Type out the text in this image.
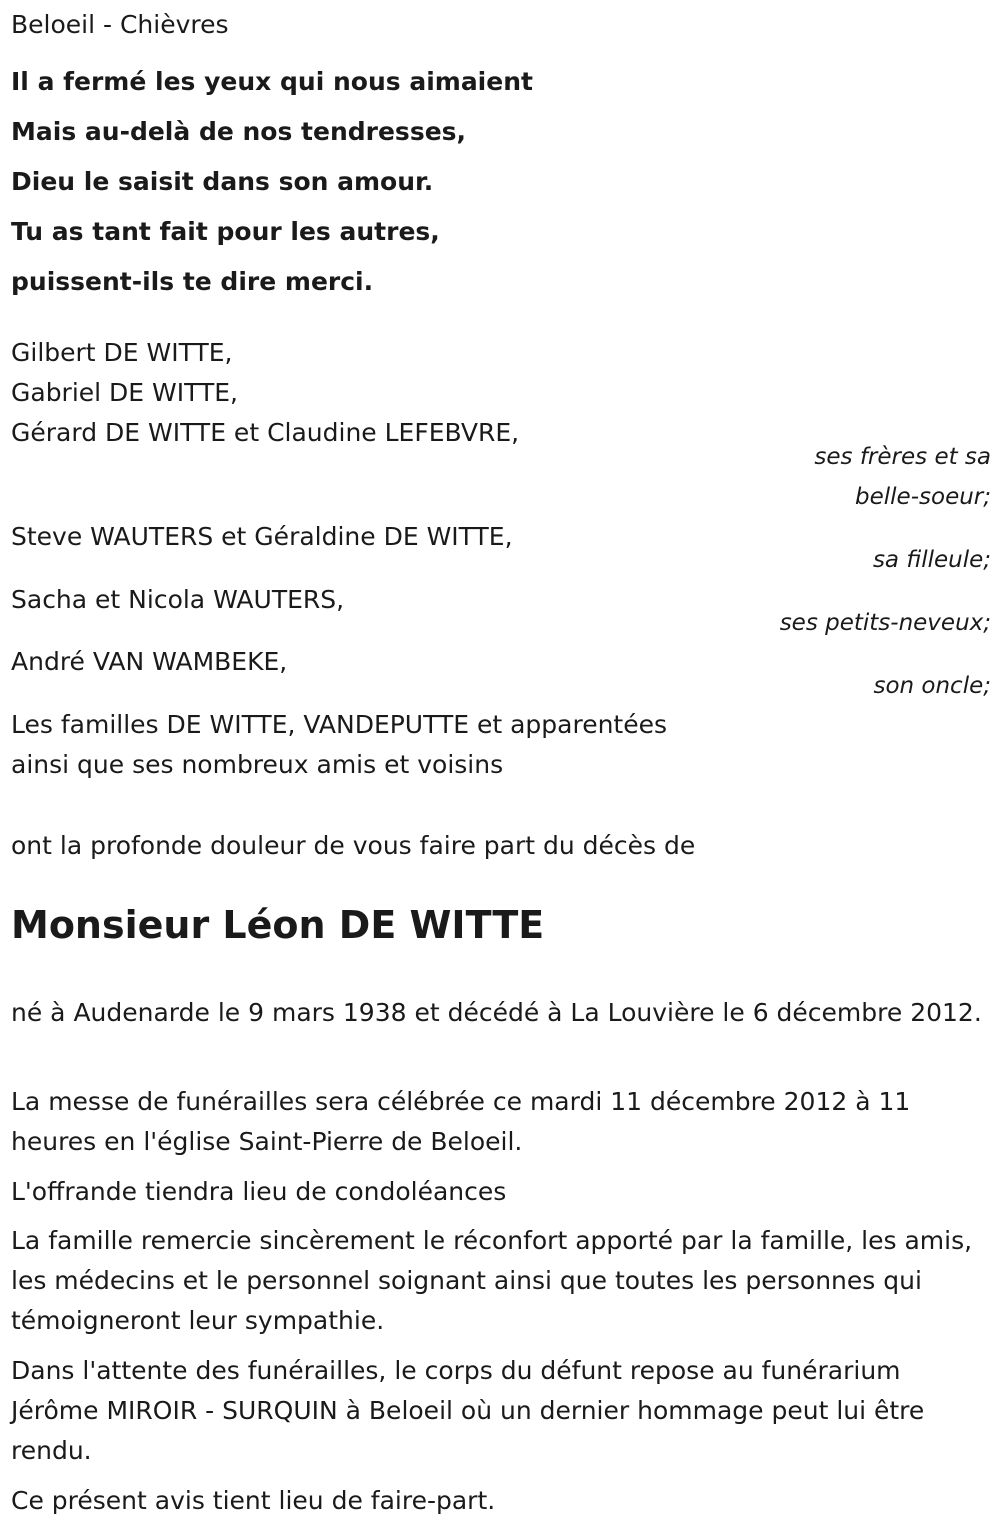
Beloeil - Chièvres
Il a fermé les yeux qui nous aimaient
Mais au-delà de nos tendresses,
Dieu le saisit dans son amour.
Tu as tant fait pour les autres,
puissent-ils te dire merci.
Gilbert DE WITTE,
Gabriel DE WITTE,
Gérard DE WITTE et Claudine LEFEBVRE,
ses frères et sa
belle-soeur;
Steve WAUTERS et Géraldine DE WITTE,
sa filleule;
Sacha et Nicola WAUTERS,
ses petits-neveux;
André VAN WAMBEKE,
son oncle;
Les familles DE WITTE, VANDEPUTTE et apparentées
ainsi que ses nombreux amis et voisins
ont la profonde douleur de vous faire part du décès de
Monsieur Léon DE WITTE
né à Audenarde le 9 mars 1938 et décédé à La Louvière le 6 décembre 2012.
La messe de funérailles sera célébrée ce mardi 11 décembre 2012 à 11 heures en l'église Saint-Pierre de Beloeil.
L'offrande tiendra lieu de condoléances
La famille remercie sincèrement le réconfort apporté par la famille, les amis, les médecins et le personnel soignant ainsi que toutes les personnes qui témoigneront leur sympathie.
Dans l'attente des funérailles, le corps du défunt repose au funérarium Jérôme MIROIR - SURQUIN à Beloeil où un dernier hommage peut lui être rendu.
Ce présent avis tient lieu de faire-part.
